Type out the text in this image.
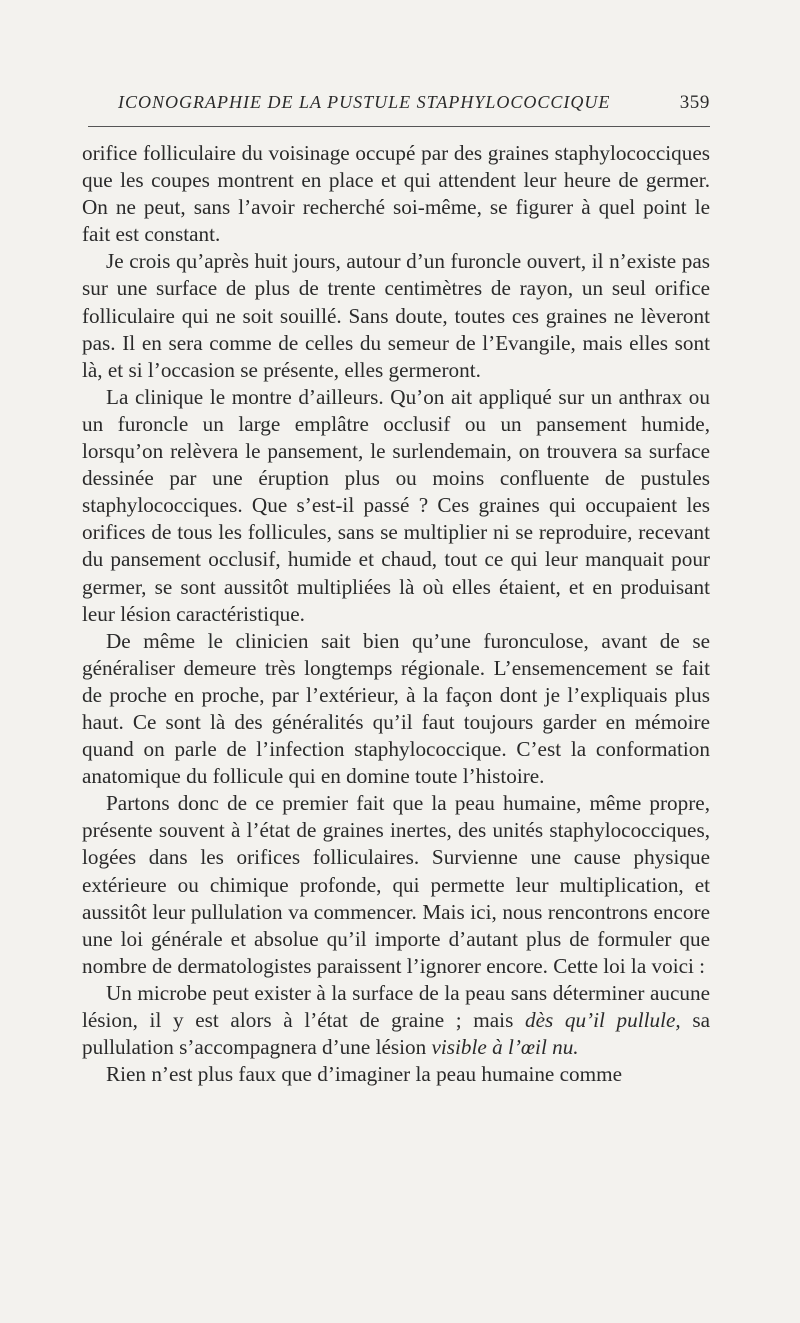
ICONOGRAPHIE DE LA PUSTULE STAPHYLOCOCCIQUE	359

orifice folliculaire du voisinage occupé par des graines staphylococciques que les coupes montrent en place et qui attendent leur heure de germer. On ne peut, sans l’avoir recherché soi-même, se figurer à quel point le fait est constant.

Je crois qu’après huit jours, autour d’un furoncle ouvert, il n’existe pas sur une surface de plus de trente centimètres de rayon, un seul orifice folliculaire qui ne soit souillé. Sans doute, toutes ces graines ne lèveront pas. Il en sera comme de celles du semeur de l’Evangile, mais elles sont là, et si l’occasion se présente, elles germeront.

La clinique le montre d’ailleurs. Qu’on ait appliqué sur un anthrax ou un furoncle un large emplâtre occlusif ou un pansement humide, lorsqu’on relèvera le pansement, le surlendemain, on trouvera sa surface dessinée par une éruption plus ou moins confluente de pustules staphylococciques. Que s’est-il passé ? Ces graines qui occupaient les orifices de tous les follicules, sans se multiplier ni se reproduire, recevant du pansement occlusif, humide et chaud, tout ce qui leur manquait pour germer, se sont aussitôt multipliées là où elles étaient, et en produisant leur lésion caractéristique.

De même le clinicien sait bien qu’une furonculose, avant de se généraliser demeure très longtemps régionale. L’ensemencement se fait de proche en proche, par l’extérieur, à la façon dont je l’expliquais plus haut. Ce sont là des généralités qu’il faut toujours garder en mémoire quand on parle de l’infection staphylococcique. C’est la conformation anatomique du follicule qui en domine toute l’histoire.

Partons donc de ce premier fait que la peau humaine, même propre, présente souvent à l’état de graines inertes, des unités staphylococciques, logées dans les orifices folliculaires. Survienne une cause physique extérieure ou chimique profonde, qui permette leur multiplication, et aussitôt leur pullulation va commencer. Mais ici, nous rencontrons encore une loi générale et absolue qu’il importe d’autant plus de formuler que nombre de dermatologistes paraissent l’ignorer encore. Cette loi la voici :

Un microbe peut exister à la surface de la peau sans déterminer aucune lésion, il y est alors à l’état de graine ; mais dès qu’il pullule, sa pullulation s’accompagnera d’une lésion visible à l’œil nu.

Rien n’est plus faux que d’imaginer la peau humaine comme
